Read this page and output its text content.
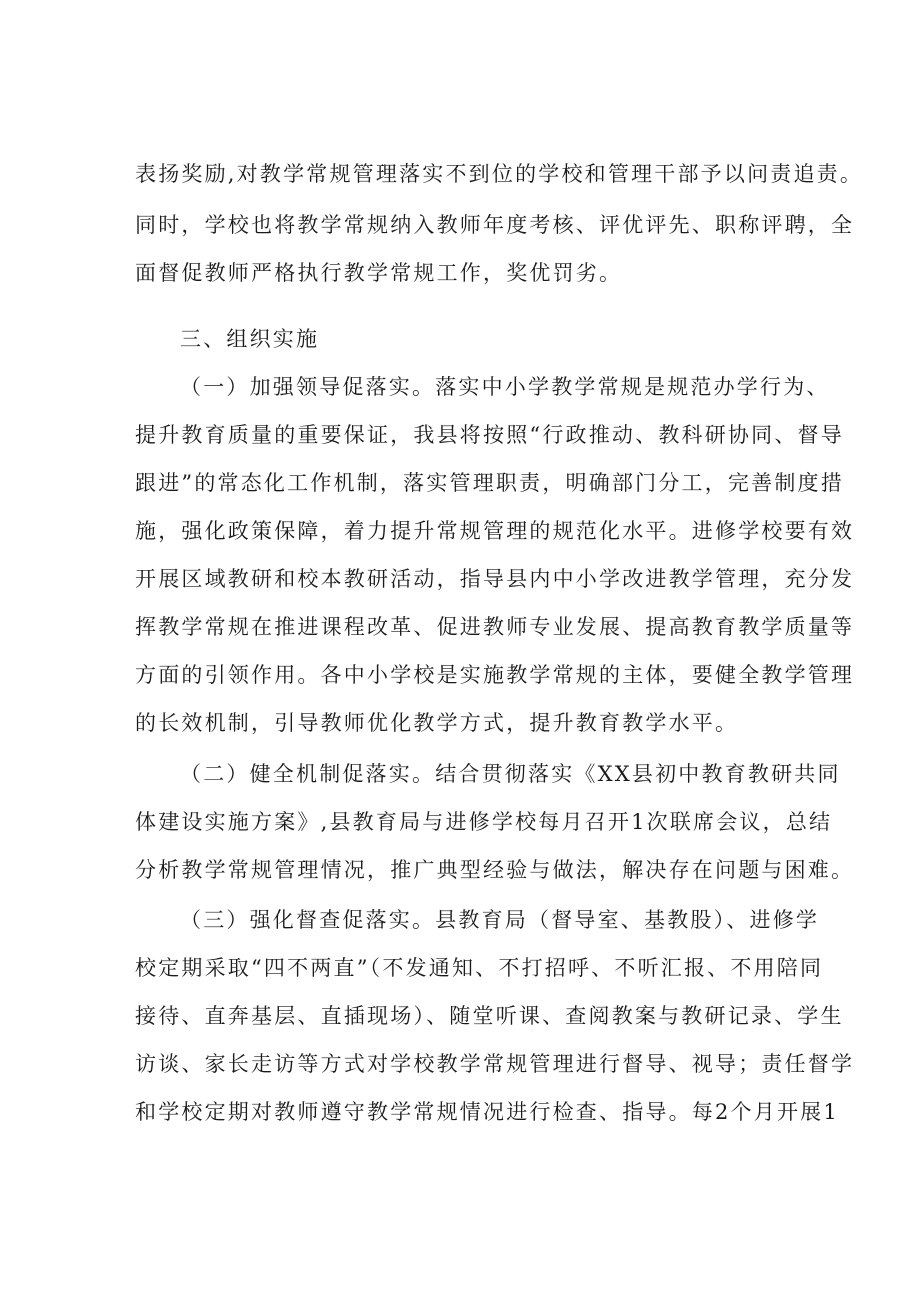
表扬奖励,对教学常规管理落实不到位的学校和管理干部予以问责追责。
同时，学校也将教学常规纳入教师年度考核、评优评先、职称评聘，全
面督促教师严格执行教学常规工作，奖优罚劣。
三、组织实施
（一）加强领导促落实。落实中小学教学常规是规范办学行为、
提升教育质量的重要保证，我县将按照“行政推动、教科研协同、督导
跟进”的常态化工作机制，落实管理职责，明确部门分工，完善制度措
施，强化政策保障，着力提升常规管理的规范化水平。进修学校要有效
开展区域教研和校本教研活动，指导县内中小学改进教学管理，充分发
挥教学常规在推进课程改革、促进教师专业发展、提高教育教学质量等
方面的引领作用。各中小学校是实施教学常规的主体，要健全教学管理
的长效机制，引导教师优化教学方式，提升教育教学水平。
（二）健全机制促落实。结合贯彻落实《XX县初中教育教研共同
体建设实施方案》,县教育局与进修学校每月召开1次联席会议，总结
分析教学常规管理情况，推广典型经验与做法，解决存在问题与困难。
（三）强化督查促落实。县教育局（督导室、基教股）、进修学
校定期采取“四不两直”（不发通知、不打招呼、不听汇报、不用陪同
接待、直奔基层、直插现场）、随堂听课、查阅教案与教研记录、学生
访谈、家长走访等方式对学校教学常规管理进行督导、视导；责任督学
和学校定期对教师遵守教学常规情况进行检查、指导。每2个月开展1
